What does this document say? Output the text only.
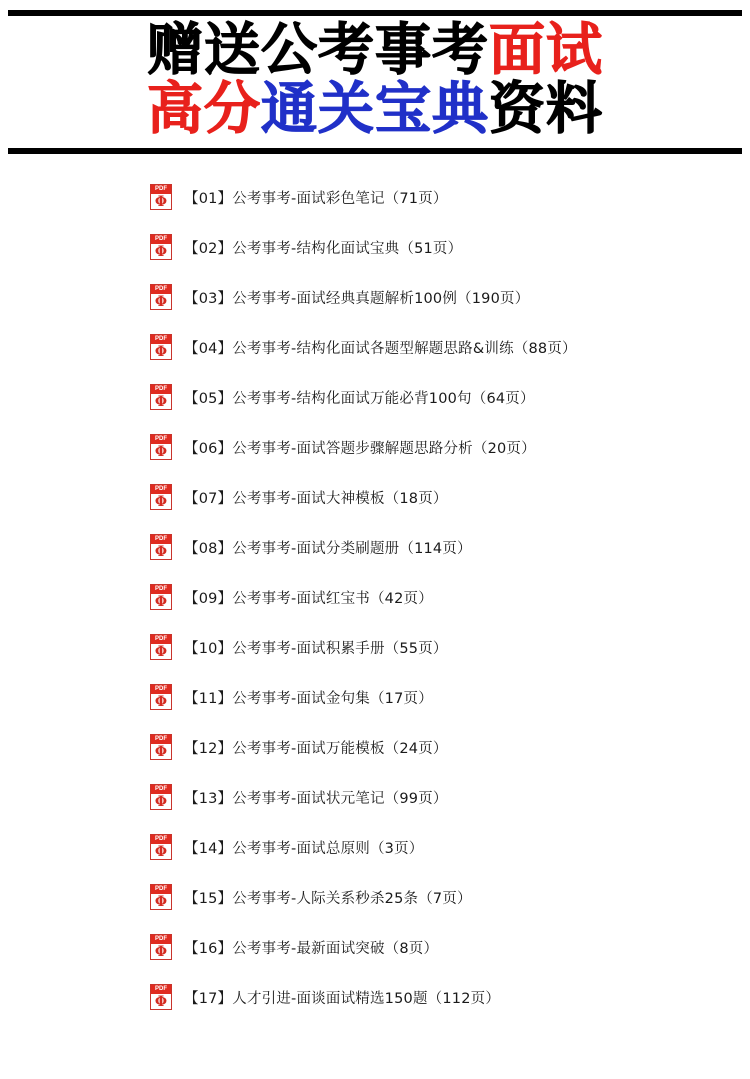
赠送公考事考面试
高分通关宝典资料
PDF
Φ	【01】公考事考-面试彩色笔记（71页）
PDF
Φ	【02】公考事考-结构化面试宝典（51页）
PDF
Φ	【03】公考事考-面试经典真题解析100例（190页）
PDF
Φ	【04】公考事考-结构化面试各题型解题思路&训练（88页）
PDF
Φ	【05】公考事考-结构化面试万能必背100句（64页）
PDF
Φ	【06】公考事考-面试答题步骤解题思路分析（20页）
PDF
Φ	【07】公考事考-面试大神模板（18页）
PDF
Φ	【08】公考事考-面试分类刷题册（114页）
PDF
Φ	【09】公考事考-面试红宝书（42页）
PDF
Φ	【10】公考事考-面试积累手册（55页）
PDF
Φ	【11】公考事考-面试金句集（17页）
PDF
Φ	【12】公考事考-面试万能模板（24页）
PDF
Φ	【13】公考事考-面试状元笔记（99页）
PDF
Φ	【14】公考事考-面试总原则（3页）
PDF
Φ	【15】公考事考-人际关系秒杀25条（7页）
PDF
Φ	【16】公考事考-最新面试突破（8页）
PDF
Φ	【17】人才引进-面谈面试精选150题（112页）
